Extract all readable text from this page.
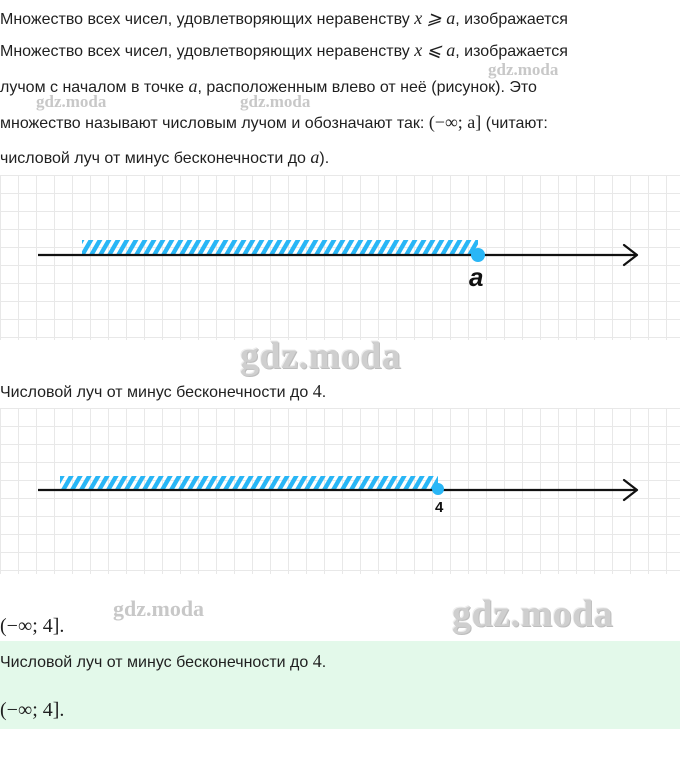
Множество всех чисел, удовлетворяющих неравенству x ⩾ a, изображается
Множество всех чисел, удовлетворяющих неравенству x ⩽ a, изображается
gdz.moda
лучом с началом в точке a, расположенным влево от неё (рисунок). Это
gdz.moda	gdz.moda
множество называют числовым лучом и обозначают так: (−∞; a] (читают:
числовой луч от минус бесконечности до a).
a
gdz.moda
Числовой луч от минус бесконечности до 4.
4
(−∞; 4].
gdz.moda	gdz.moda
Числовой луч от минус бесконечности до 4.
(−∞; 4].
